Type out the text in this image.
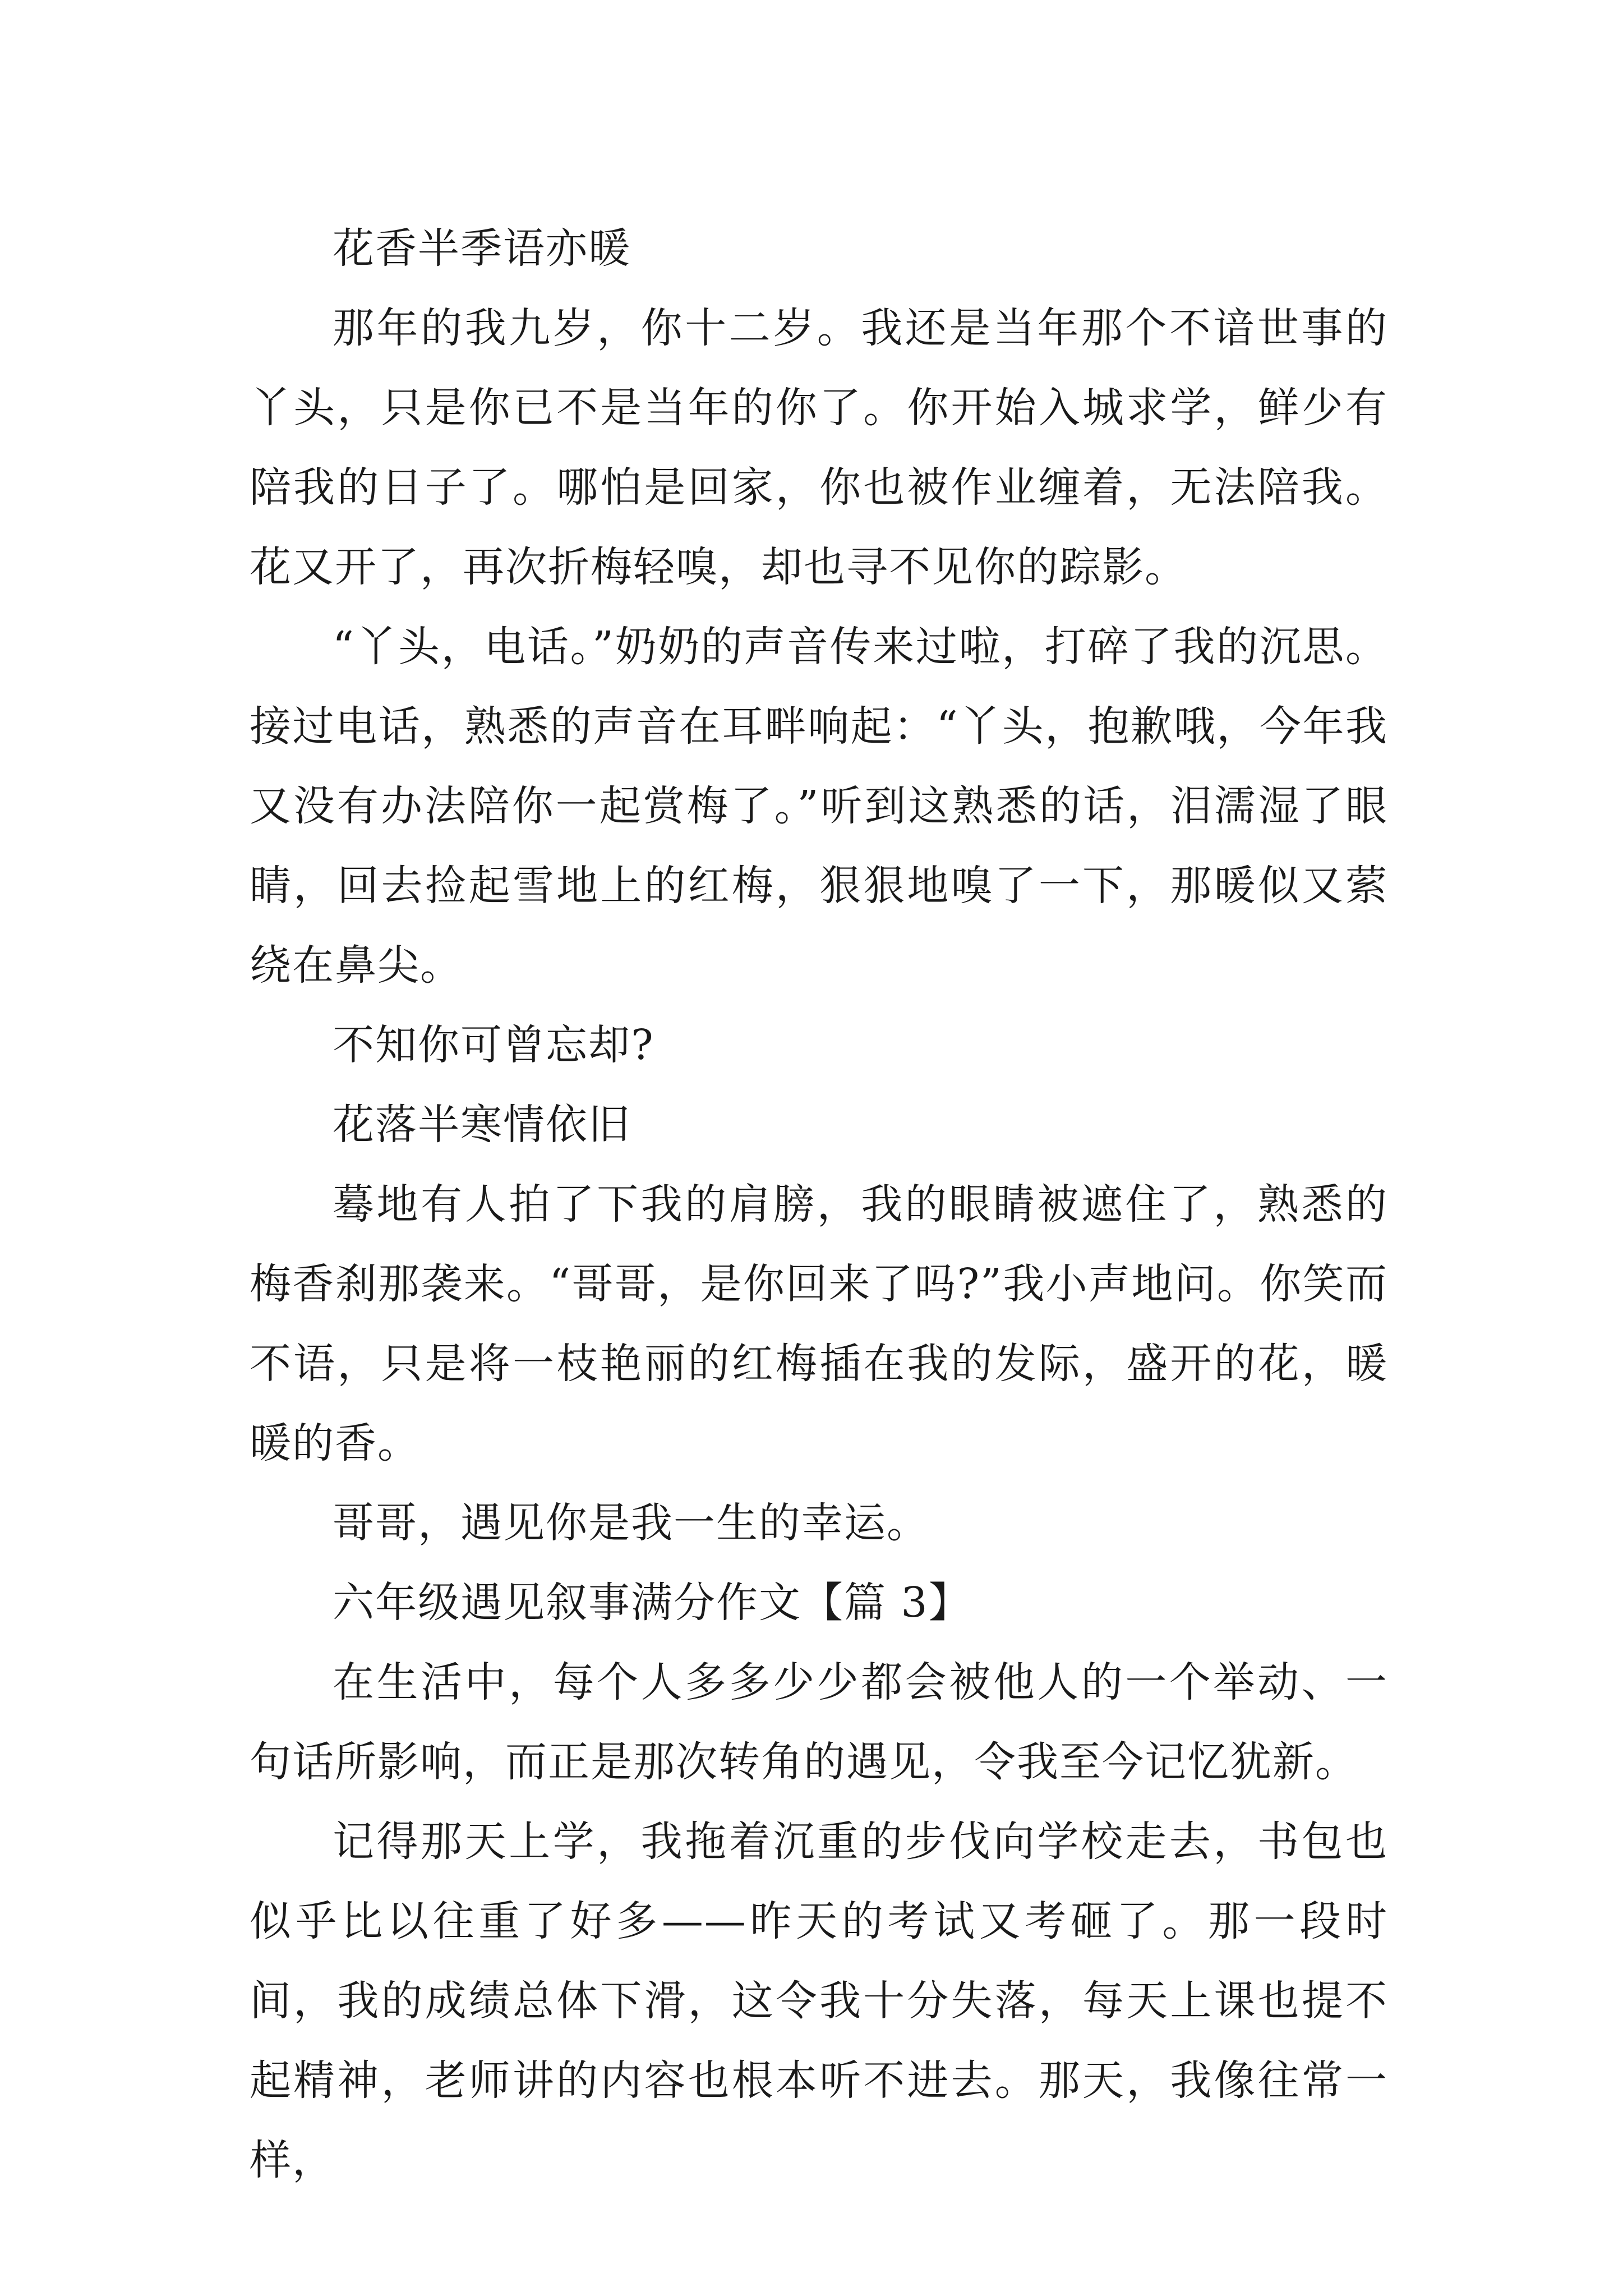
花香半季语亦暖

那年的我九岁，你十二岁。我还是当年那个不谙世事的丫头，只是你已不是当年的你了。你开始入城求学，鲜少有陪我的日子了。哪怕是回家，你也被作业缠着，无法陪我。花又开了，再次折梅轻嗅，却也寻不见你的踪影。

“丫头，电话。”奶奶的声音传来过啦，打碎了我的沉思。接过电话，熟悉的声音在耳畔响起：“丫头，抱歉哦，今年我又没有办法陪你一起赏梅了。”听到这熟悉的话，泪濡湿了眼睛，回去捡起雪地上的红梅，狠狠地嗅了一下，那暖似又萦绕在鼻尖。

不知你可曾忘却?

花落半寒情依旧

蓦地有人拍了下我的肩膀，我的眼睛被遮住了，熟悉的梅香刹那袭来。“哥哥，是你回来了吗?”我小声地问。你笑而不语，只是将一枝艳丽的红梅插在我的发际，盛开的花，暖暖的香。

哥哥，遇见你是我一生的幸运。

六年级遇见叙事满分作文【篇 3】

在生活中，每个人多多少少都会被他人的一个举动、一句话所影响，而正是那次转角的遇见，令我至今记忆犹新。

记得那天上学，我拖着沉重的步伐向学校走去，书包也似乎比以往重了好多——昨天的考试又考砸了。那一段时间，我的成绩总体下滑，这令我十分失落，每天上课也提不起精神，老师讲的内容也根本听不进去。那天，我像往常一样，
